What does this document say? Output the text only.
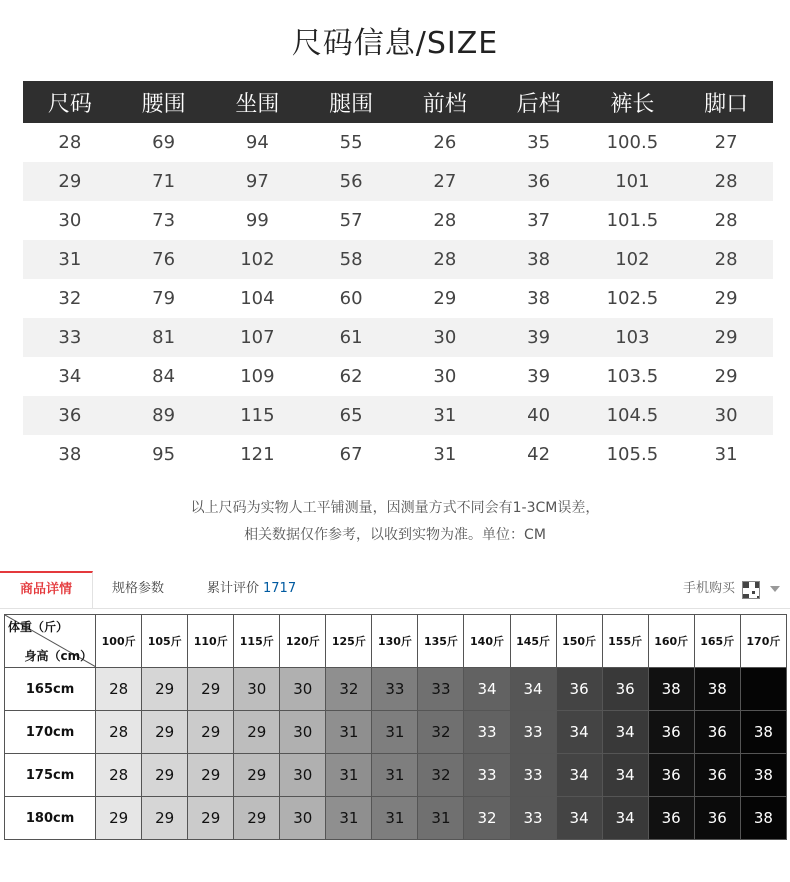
尺码信息/SIZE
尺码	腰围	坐围	腿围	前档	后档	裤长	脚口
28	69	94	55	26	35	100.5	27
29	71	97	56	27	36	101	28
30	73	99	57	28	37	101.5	28
31	76	102	58	28	38	102	28
32	79	104	60	29	38	102.5	29
33	81	107	61	30	39	103	29
34	84	109	62	30	39	103.5	29
36	89	115	65	31	40	104.5	30
38	95	121	67	31	42	105.5	31
以上尺码为实物人工平铺测量，因测量方式不同会有1-3CM误差，
相关数据仅作参考，以收到实物为准。单位：CM
商品详情	规格参数	累计评价 1717	手机购买
体重（斤）
身高（cm）	100斤	105斤	110斤	115斤	120斤	125斤	130斤	135斤	140斤	145斤	150斤	155斤	160斤	165斤	170斤
165cm	28	29	29	30	30	32	33	33	34	34	36	36	38	38	
170cm	28	29	29	29	30	31	31	32	33	33	34	34	36	36	38
175cm	28	29	29	29	30	31	31	32	33	33	34	34	36	36	38
180cm	29	29	29	29	30	31	31	31	32	33	34	34	36	36	38
